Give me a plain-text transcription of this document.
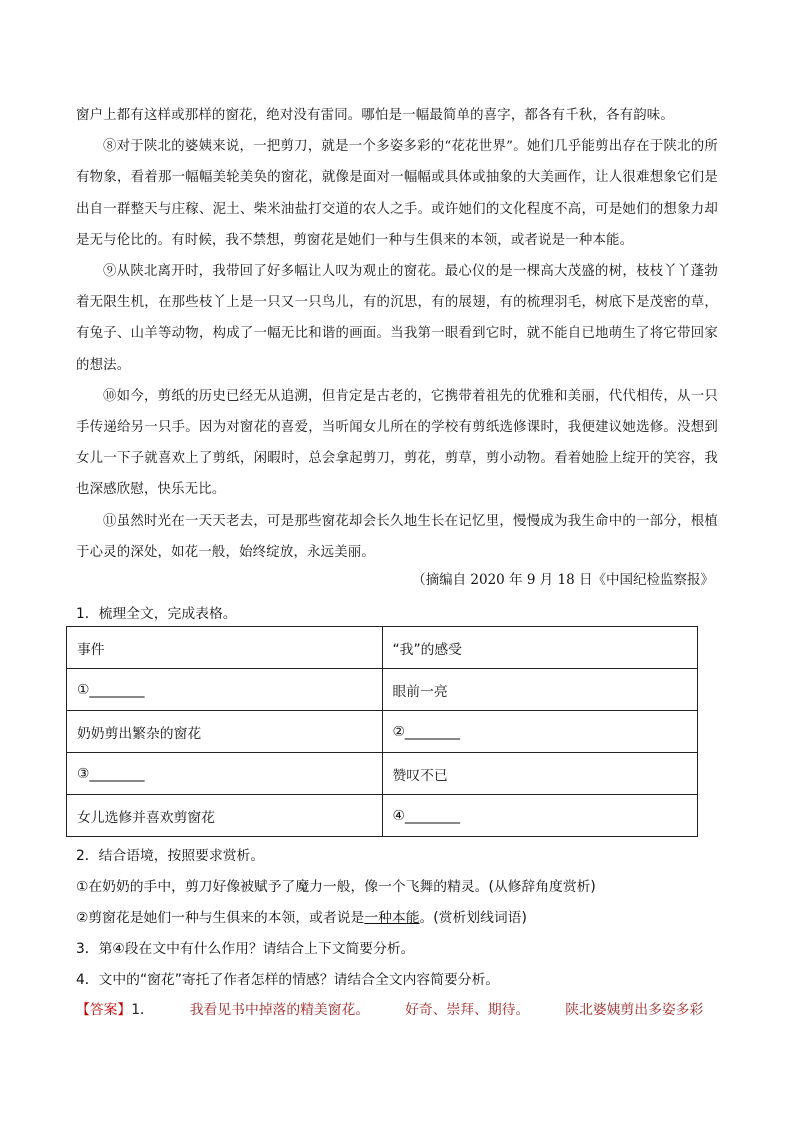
窗户上都有这样或那样的窗花，绝对没有雷同。哪怕是一幅最简单的喜字，都各有千秋，各有韵味。

⑧对于陕北的婆姨来说，一把剪刀，就是一个多姿多彩的“花花世界”。她们几乎能剪出存在于陕北的所有物象，看着那一幅幅美轮美奂的窗花，就像是面对一幅幅或具体或抽象的大美画作，让人很难想象它们是出自一群整天与庄稼、泥土、柴米油盐打交道的农人之手。或许她们的文化程度不高，可是她们的想象力却是无与伦比的。有时候，我不禁想，剪窗花是她们一种与生俱来的本领，或者说是一种本能。

⑨从陕北离开时，我带回了好多幅让人叹为观止的窗花。最心仪的是一棵高大茂盛的树，枝枝丫丫蓬勃着无限生机，在那些枝丫上是一只又一只鸟儿，有的沉思，有的展翅，有的梳理羽毛，树底下是茂密的草，有兔子、山羊等动物，构成了一幅无比和谐的画面。当我第一眼看到它时，就不能自已地萌生了将它带回家的想法。

⑩如今，剪纸的历史已经无从追溯，但肯定是古老的，它携带着祖先的优雅和美丽，代代相传，从一只手传递给另一只手。因为对窗花的喜爱，当听闻女儿所在的学校有剪纸选修课时，我便建议她选修。没想到女儿一下子就喜欢上了剪纸，闲暇时，总会拿起剪刀，剪花，剪草，剪小动物。看着她脸上绽开的笑容，我也深感欣慰，快乐无比。

⑪虽然时光在一天天老去，可是那些窗花却会长久地生长在记忆里，慢慢成为我生命中的一部分，根植于心灵的深处，如花一般，始终绽放，永远美丽。

（摘编自 2020 年 9 月 18 日《中国纪检监察报》
1．梳理全文，完成表格。
事件	“我”的感受
①________	眼前一亮
奶奶剪出繁杂的窗花	②________
③________	赞叹不已
女儿选修并喜欢剪窗花	④________
2．结合语境，按照要求赏析。
①在奶奶的手中，剪刀好像被赋予了魔力一般，像一个飞舞的精灵。(从修辞角度赏析)
②剪窗花是她们一种与生俱来的本领，或者说是一种本能。(赏析划线词语)
3．第④段在文中有什么作用？请结合上下文简要分析。
4．文中的“窗花”寄托了作者怎样的情感？请结合全文内容简要分析。
【答案】1．	我看见书中掉落的精美窗花。	好奇、崇拜、期待。	陕北婆姨剪出多姿多彩
